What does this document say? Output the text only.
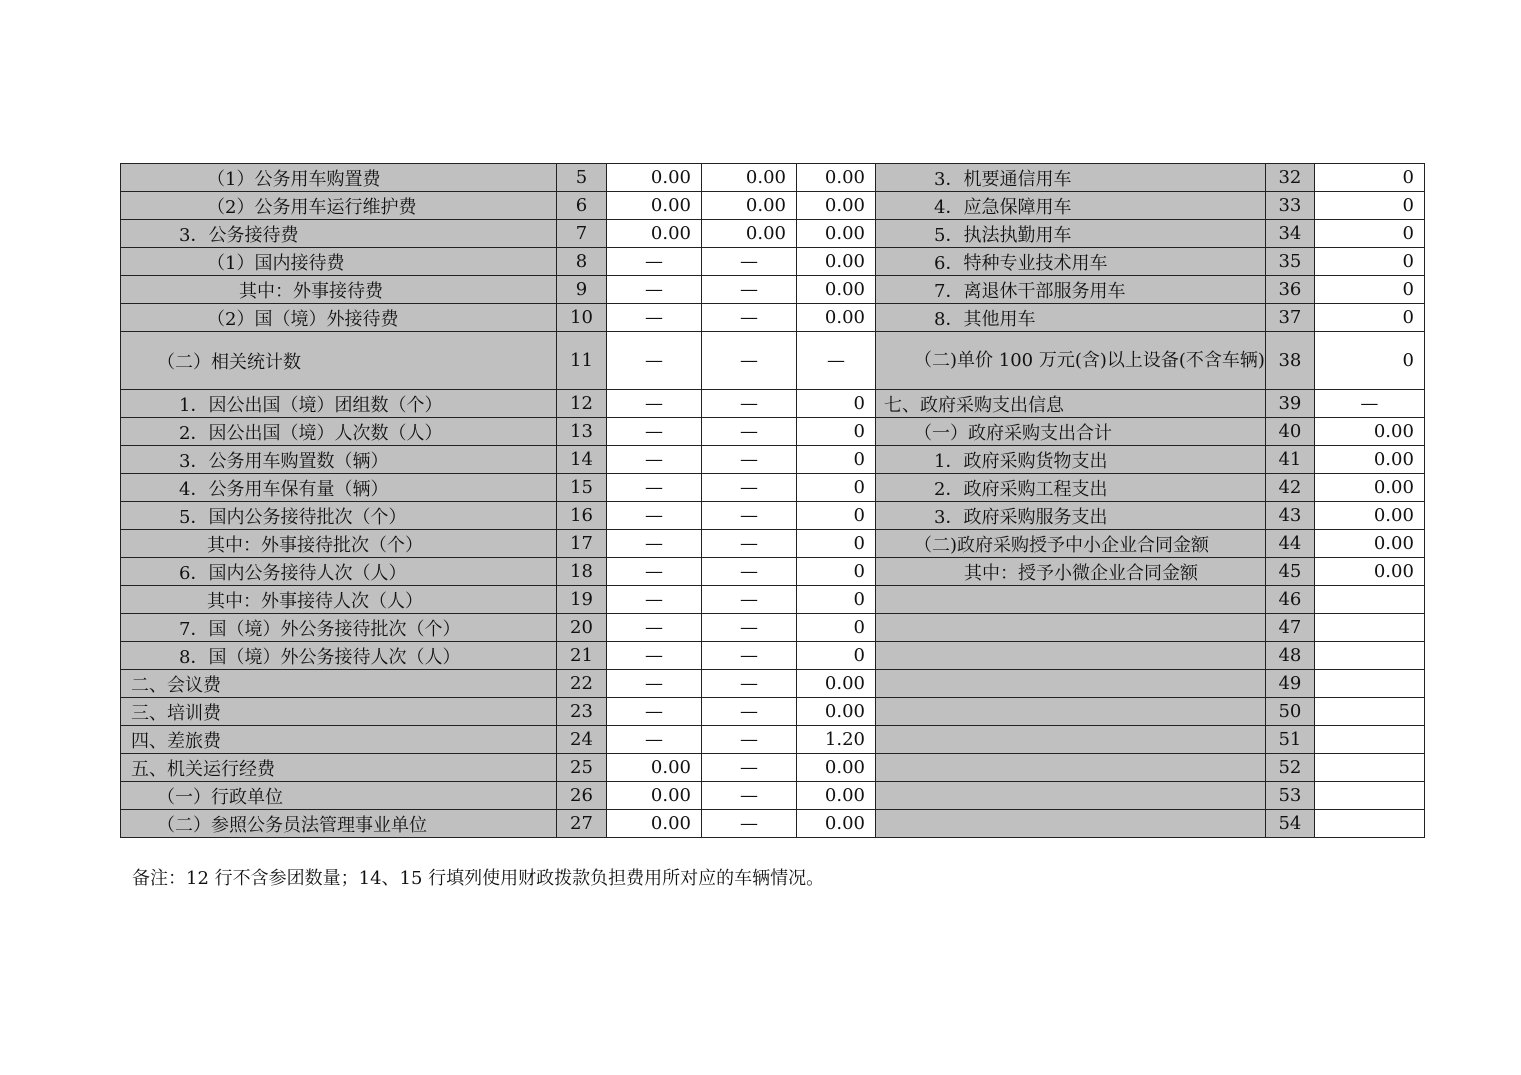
（1）公务用车购置费	5	0.00	0.00	0.00	3．机要通信用车	32	0
（2）公务用车运行维护费	6	0.00	0.00	0.00	4．应急保障用车	33	0
3．公务接待费	7	0.00	0.00	0.00	5．执法执勤用车	34	0
（1）国内接待费	8	—	—	0.00	6．特种专业技术用车	35	0
其中：外事接待费	9	—	—	0.00	7．离退休干部服务用车	36	0
（2）国（境）外接待费	10	—	—	0.00	8．其他用车	37	0
（二）相关统计数	11	—	—	—	（二)单价 100 万元(含)以上设备(不含车辆)	38	0
1．因公出国（境）团组数（个）	12	—	—	0	七、政府采购支出信息	39	—
2．因公出国（境）人次数（人）	13	—	—	0	（一）政府采购支出合计	40	0.00
3．公务用车购置数（辆）	14	—	—	0	1．政府采购货物支出	41	0.00
4．公务用车保有量（辆）	15	—	—	0	2．政府采购工程支出	42	0.00
5．国内公务接待批次（个）	16	—	—	0	3．政府采购服务支出	43	0.00
其中：外事接待批次（个）	17	—	—	0	（二)政府采购授予中小企业合同金额	44	0.00
6．国内公务接待人次（人）	18	—	—	0	其中：授予小微企业合同金额	45	0.00
其中：外事接待人次（人）	19	—	—	0		46	
7．国（境）外公务接待批次（个）	20	—	—	0		47	
8．国（境）外公务接待人次（人）	21	—	—	0		48	
二、会议费	22	—	—	0.00		49	
三、培训费	23	—	—	0.00		50	
四、差旅费	24	—	—	1.20		51	
五、机关运行经费	25	0.00	—	0.00		52	
（一）行政单位	26	0.00	—	0.00		53	
（二）参照公务员法管理事业单位	27	0.00	—	0.00		54	
备注：12 行不含参团数量；14、15 行填列使用财政拨款负担费用所对应的车辆情况。
